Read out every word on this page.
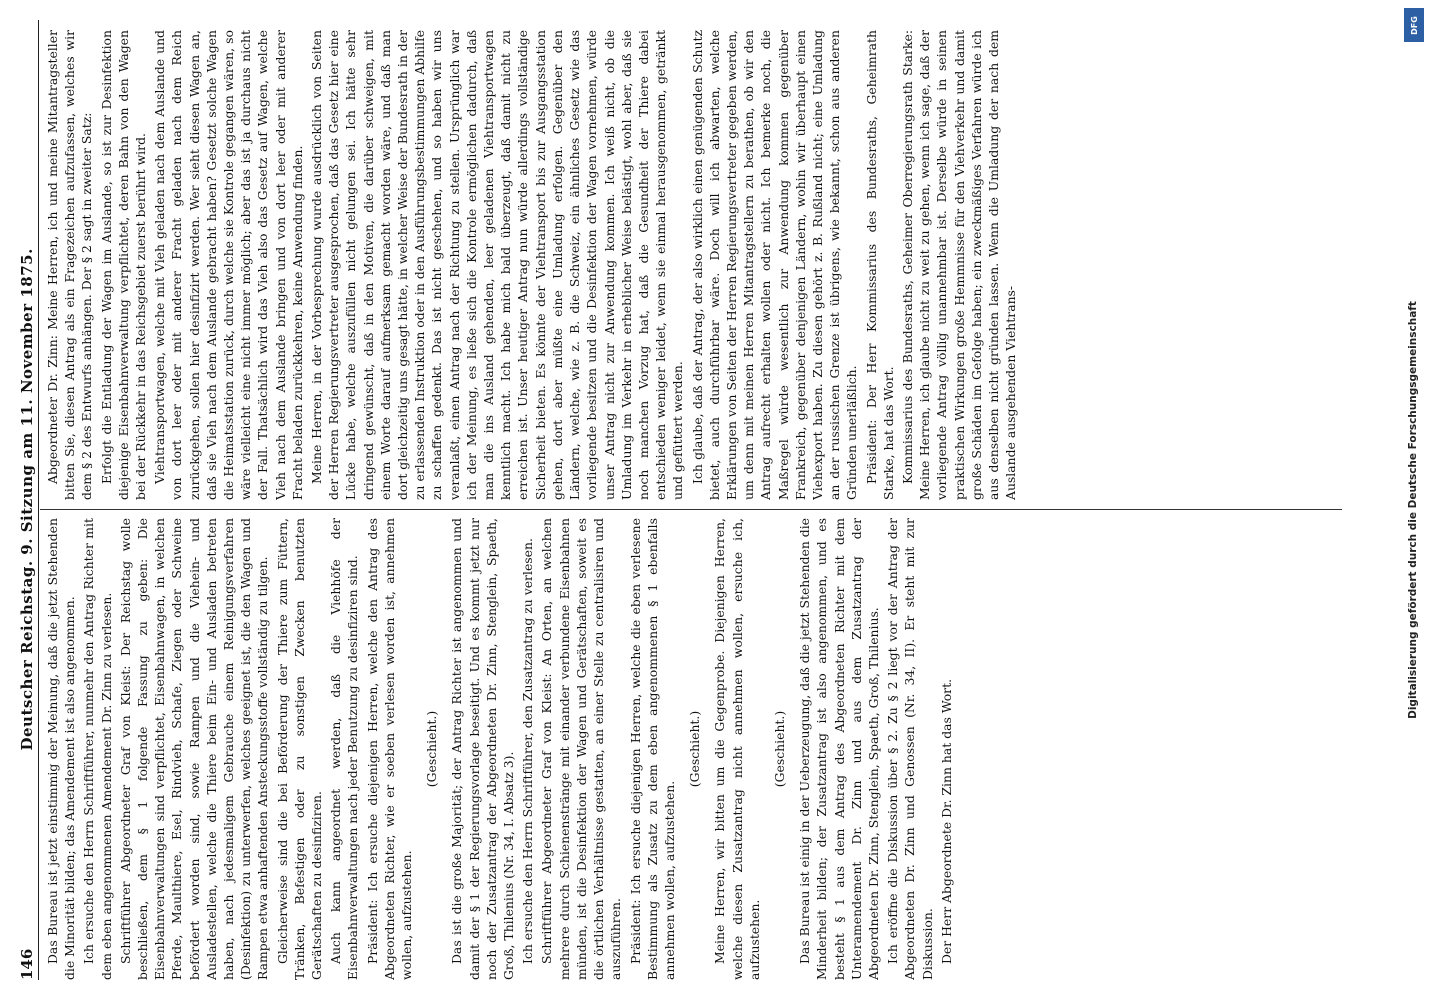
146
Deutscher Reichstag. 9. Sitzung am 11. November 1875. Das Bureau ist jetzt einstimmig der Meinung, daß die jetzt Stehenden die Minorität bilden; das Amendement ist also angenommen. Ich ersuche den Herrn Schriftführer, nunmehr den Antrag Richter mit dem eben angenommenen Amendement Dr. Zinn zu verlesen. Schriftführer Abgeordneter Graf von Kleist: Der Reichstag wolle beschließen, dem § 1 folgende Fassung zu geben: Die Eisenbahnverwaltungen sind verpflichtet, Eisenbahnwagen, in welchen Pferde, Maulthiere, Esel, Rindvieh, Schafe, Ziegen oder Schweine befördert worden sind, sowie Rampen und die Viehein- und Ausladestellen, welche die Thiere beim Ein- und Ausladen betreten haben, nach jedesmaligem Gebrauche einem Reinigungsverfahren (Desinfektion) zu unterwerfen, welches geeignet ist, die den Wagen und Rampen etwa anhaftenden Ansteckungsstoffe vollständig zu tilgen. Gleicherweise sind die bei Beförderung der Thiere zum Füttern, Tränken, Befestigen oder zu sonstigen Zwecken benutzten Gerätschaften zu desinfiziren. Auch kann angeordnet werden, daß die Viehhöfe der Eisenbahnverwaltungen nach jeder Benutzung zu desinfiziren sind. Präsident: Ich ersuche diejenigen Herren, welche den Antrag des Abgeordneten Richter, wie er soeben verlesen worden ist, annehmen wollen, aufzustehen.

(Geschieht.) Das ist die große Majorität; der Antrag Richter ist angenommen und damit der § 1 der Regierungsvorlage beseitigt. Und es kommt jetzt nur noch der Zusatzantrag der Abgeordneten Dr. Zinn, Stenglein, Spaeth, Groß, Thilenius (Nr. 34, I. Absatz 3). Ich ersuche den Herrn Schriftführer, den Zusatzantrag zu verlesen. Schriftführer Abgeordneter Graf von Kleist: An Orten, an welchen mehrere durch Schienenstränge mit einander verbundene Eisenbahnen münden, ist die Desinfektion der Wagen und Gerätschaften, soweit es die örtlichen Verhältnisse gestatten, an einer Stelle zu centralisiren und auszuführen. Präsident: Ich ersuche diejenigen Herren, welche die eben verlesene Bestimmung als Zusatz zu dem eben angenommenen § 1 ebenfalls annehmen wollen, aufzustehen.

(Geschieht.) Meine Herren, wir bitten um die Gegenprobe. Diejenigen Herren, welche diesen Zusatzantrag nicht annehmen wollen, ersuche ich, aufzustehen.

(Geschieht.) Das Bureau ist einig in der Ueberzeugung, daß die jetzt Stehenden die Minderheit bilden; der Zusatzantrag ist also angenommen, und es besteht § 1 aus dem Antrag des Abgeordneten Richter mit dem Unteramendement Dr. Zinn und aus dem Zusatzantrag der Abgeordneten Dr. Zinn, Stenglein, Spaeth, Groß, Thilenius. Ich eröffne die Diskussion über § 2. Zu § 2 liegt vor der Antrag der Abgeordneten Dr. Zinn und Genossen (Nr. 34, II). Er steht mit zur Diskussion. Der Herr Abgeordnete Dr. Zinn hat das Wort.

Abgeordneter Dr. Zinn: Meine Herren, ich und meine Mitantragsteller bitten Sie, diesen Antrag als ein Fragezeichen aufzufassen, welches wir dem § 2 des Entwurfs anhängen. Der § 2 sagt in zweiter Satz: Erfolgt die Entladung der Wagen im Auslande, so ist zur Desinfektion diejenige Eisenbahnverwaltung verpflichtet, deren Bahn von den Wagen bei der Rückkehr in das Reichsgebiet zuerst berührt wird. Viehtransportwagen, welche mit Vieh geladen nach dem Auslande und von dort leer oder mit anderer Fracht geladen nach dem Reich zurückgehen, sollen hier desinfizirt werden. Wer sieht diesen Wagen an, daß sie Vieh nach dem Auslande gebracht haben? Gesetzt solche Wagen die Heimatsstation zurück, durch welche sie Kontrole gegangen wären, so wäre vielleicht eine nicht immer möglich; aber das ist ja durchaus nicht der Fall. Thatsächlich wird das Vieh also das Gesetz auf Wagen, welche Vieh nach dem Auslande bringen und von dort leer oder mit anderer Fracht beladen zurückkehren, keine Anwendung finden. Meine Herren, in der Vorbesprechung wurde ausdrücklich von Seiten der Herren Regierungsvertreter ausgesprochen, daß das Gesetz hier eine Lücke habe, welche auszufüllen nicht gelungen sei. Ich hätte sehr dringend gewünscht, daß in den Motiven, die darüber schweigen, mit einem Worte darauf aufmerksam gemacht worden wäre, und daß man dort gleichzeitig uns gesagt hätte, in welcher Weise der Bundesrath in der zu erlassenden Instruktion oder in den Ausführungsbestimmungen Abhilfe zu schaffen gedenkt. Das ist nicht geschehen, und so haben wir uns veranlaßt, einen Antrag nach der Richtung zu stellen. Ursprünglich war ich der Meinung, es ließe sich die Kontrole ermöglichen dadurch, daß man die ins Ausland gehenden, leer geladenen Viehtransportwagen kenntlich macht. Ich habe mich bald überzeugt, daß damit nicht zu erreichen ist. Unser heutiger Antrag nun würde allerdings vollständige Sicherheit bieten. Es könnte der Viehtransport bis zur Ausgangsstation gehen, dort aber müßte eine Umladung erfolgen. Gegenüber den Ländern, welche, wie z. B. die Schweiz, ein ähnliches Gesetz wie das vorliegende besitzen und die Desinfektion der Wagen vornehmen, würde unser Antrag nicht zur Anwendung kommen. Ich weiß nicht, ob die Umladung im Verkehr in erheblicher Weise belästigt, wohl aber, daß sie noch manchen Vorzug hat, daß die Gesundheit der Thiere dabei entschieden weniger leidet, wenn sie einmal herausgenommen, getränkt und gefüttert werden. Ich glaube, daß der Antrag, der also wirklich einen genügenden Schutz bietet, auch durchführbar wäre. Doch will ich abwarten, welche Erklärungen von Seiten der Herren Regierungsvertreter gegeben werden, um denn mit meinen Herren Mitantragstellern zu berathen, ob wir den Antrag aufrecht erhalten wollen oder nicht. Ich bemerke noch, die Maßregel würde wesentlich zur Anwendung kommen gegenüber Frankreich, gegenüber denjenigen Ländern, wohin wir überhaupt einen Viehexport haben. Zu diesen gehört z. B. Rußland nicht; eine Umladung an der russischen Grenze ist übrigens, wie bekannt, schon aus anderen Gründen unerläßlich. Präsident: Der Herr Kommissarius des Bundesraths, Geheimrath Starke, hat das Wort. Kommissarius des Bundesraths, Geheimer Oberregierungsrath Starke: Meine Herren, ich glaube nicht zu weit zu gehen, wenn ich sage, daß der vorliegende Antrag völlig unannehmbar ist. Derselbe würde in seinen praktischen Wirkungen große Hemmnisse für den Viehverkehr und damit große Schäden im Gefolge haben; ein zweckmäßiges Verfahren würde ich aus denselben nicht gründen lassen. Wenn die Umladung der nach dem Auslande ausgehenden Viehtrans-

DFG
Digitalisierung gefördert durch die Deutsche Forschungsgemeinschaft
